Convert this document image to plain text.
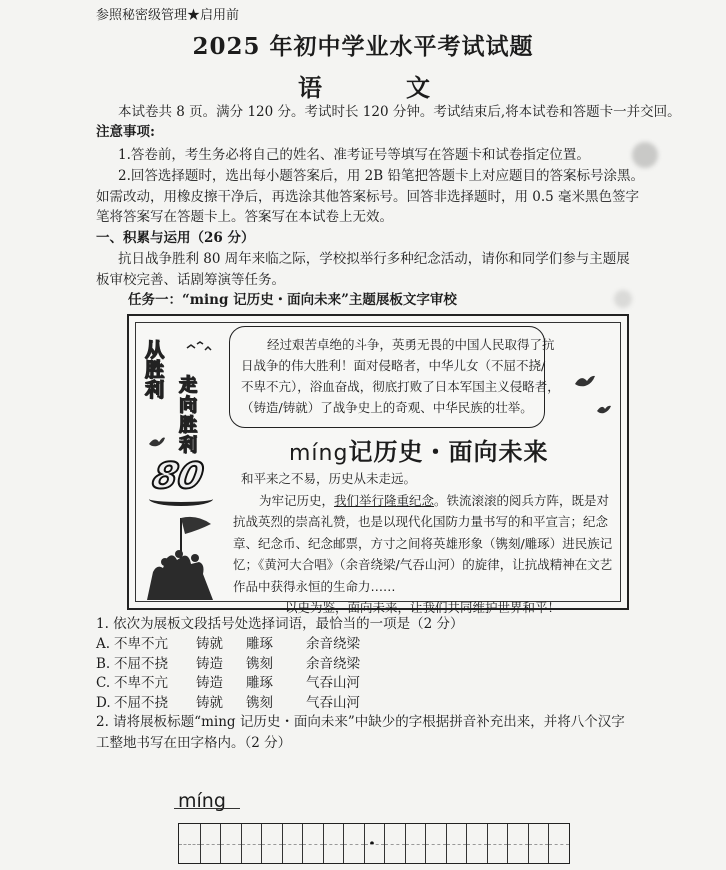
参照秘密级管理★启用前
2025 年初中学业水平考试试题
语	文
本试卷共 8 页。满分 120 分。考试时长 120 分钟。考试结束后,将本试卷和答题卡一并交回。
注意事项:
1.答卷前，考生务必将自己的姓名、准考证号等填写在答题卡和试卷指定位置。
2.回答选择题时，选出每小题答案后，用 2B 铅笔把答题卡上对应题目的答案标号涂黑。
如需改动，用橡皮擦干净后，再选涂其他答案标号。回答非选择题时，用 0.5 毫米黑色签字
笔将答案写在答题卡上。答案写在本试卷上无效。
一、积累与运用（26 分）
抗日战争胜利 80 周年来临之际，学校拟举行多种纪念活动，请你和同学们参与主题展
板审校完善、话剧筹演等任务。
任务一：“ming 记历史・面向未来”主题展板文字审校
从胜利 走向胜利
80
经过艰苦卓绝的斗争，英勇无畏的中国人民取得了抗
日战争的伟大胜利！面对侵略者，中华儿女（不屈不挠/
不卑不亢），浴血奋战，彻底打败了日本军国主义侵略者，
（铸造/铸就）了战争史上的奇观、中华民族的壮举。
míng记历史・面向未来
和平来之不易，历史从未走远。
为牢记历史，我们举行隆重纪念。铁流滚滚的阅兵方阵，既是对
抗战英烈的崇高礼赞，也是以现代化国防力量书写的和平宣言；纪念
章、纪念币、纪念邮票，方寸之间将英雄形象（镌刻/雕琢）进民族记
忆；《黄河大合唱》（余音绕梁/气吞山河）的旋律，让抗战精神在文艺
作品中获得永恒的生命力……
以史为鉴，面向未来，让我们共同维护世界和平！
1. 依次为展板文段括号处选择词语，最恰当的一项是（2 分）
A. 不卑不亢 铸就 雕琢 余音绕梁
B. 不屈不挠 铸造 镌刻 余音绕梁
C. 不卑不亢 铸造 雕琢 气吞山河
D. 不屈不挠 铸就 镌刻 气吞山河
2. 请将展板标题“ming 记历史・面向未来”中缺少的字根据拼音补充出来，并将八个汉字
工整地书写在田字格内。（2 分）
míng
·
